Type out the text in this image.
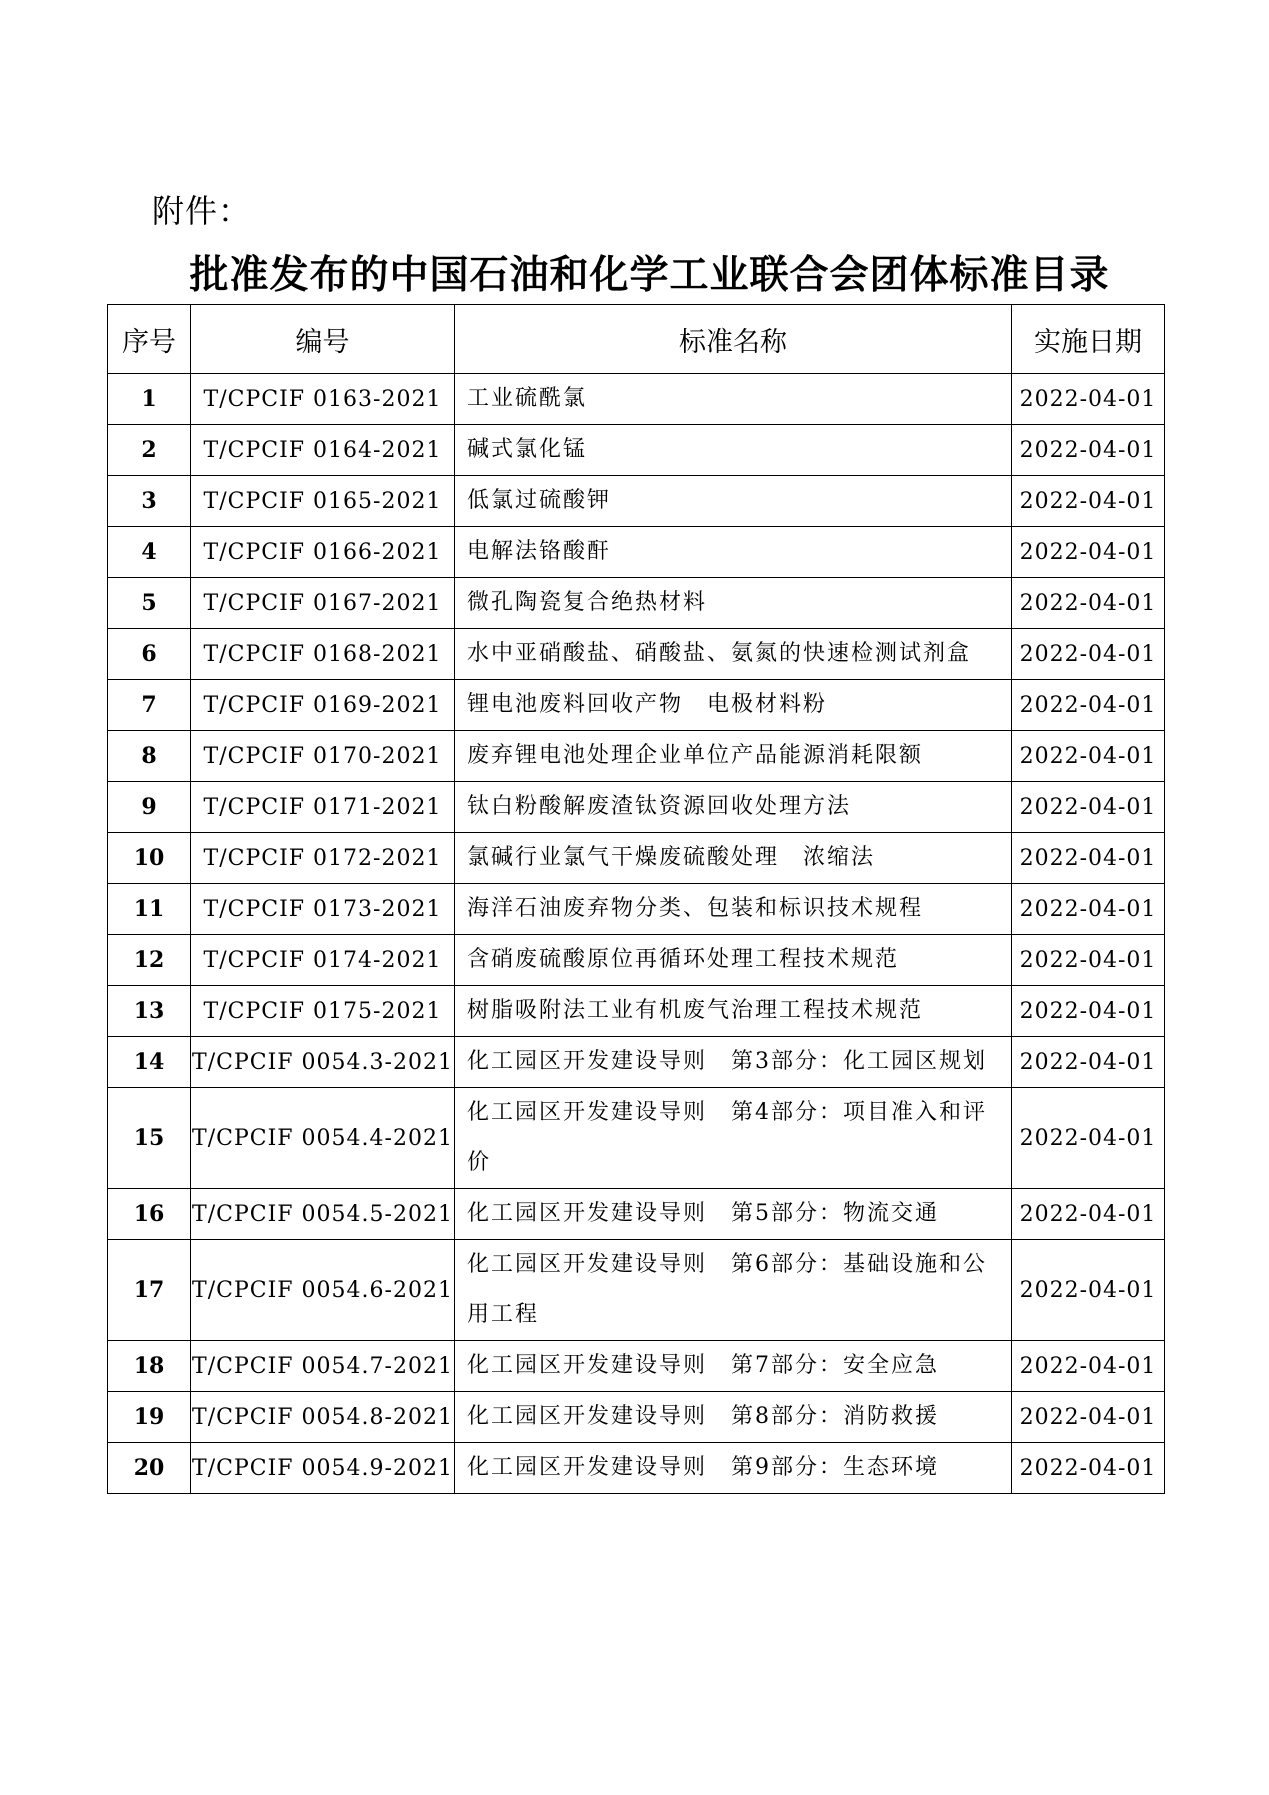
附件：
批准发布的中国石油和化学工业联合会团体标准目录
序号	编号	标准名称	实施日期
1	T/CPCIF 0163-2021	工业硫酰氯	2022-04-01
2	T/CPCIF 0164-2021	碱式氯化锰	2022-04-01
3	T/CPCIF 0165-2021	低氯过硫酸钾	2022-04-01
4	T/CPCIF 0166-2021	电解法铬酸酐	2022-04-01
5	T/CPCIF 0167-2021	微孔陶瓷复合绝热材料	2022-04-01
6	T/CPCIF 0168-2021	水中亚硝酸盐、硝酸盐、氨氮的快速检测试剂盒	2022-04-01
7	T/CPCIF 0169-2021	锂电池废料回收产物　电极材料粉	2022-04-01
8	T/CPCIF 0170-2021	废弃锂电池处理企业单位产品能源消耗限额	2022-04-01
9	T/CPCIF 0171-2021	钛白粉酸解废渣钛资源回收处理方法	2022-04-01
10	T/CPCIF 0172-2021	氯碱行业氯气干燥废硫酸处理　浓缩法	2022-04-01
11	T/CPCIF 0173-2021	海洋石油废弃物分类、包装和标识技术规程	2022-04-01
12	T/CPCIF 0174-2021	含硝废硫酸原位再循环处理工程技术规范	2022-04-01
13	T/CPCIF 0175-2021	树脂吸附法工业有机废气治理工程技术规范	2022-04-01
14	T/CPCIF 0054.3-2021	化工园区开发建设导则　第3部分：化工园区规划	2022-04-01
15	T/CPCIF 0054.4-2021	化工园区开发建设导则　第4部分：项目准入和评价	2022-04-01
16	T/CPCIF 0054.5-2021	化工园区开发建设导则　第5部分：物流交通	2022-04-01
17	T/CPCIF 0054.6-2021	化工园区开发建设导则　第6部分：基础设施和公用工程	2022-04-01
18	T/CPCIF 0054.7-2021	化工园区开发建设导则　第7部分：安全应急	2022-04-01
19	T/CPCIF 0054.8-2021	化工园区开发建设导则　第8部分：消防救援	2022-04-01
20	T/CPCIF 0054.9-2021	化工园区开发建设导则　第9部分：生态环境	2022-04-01
